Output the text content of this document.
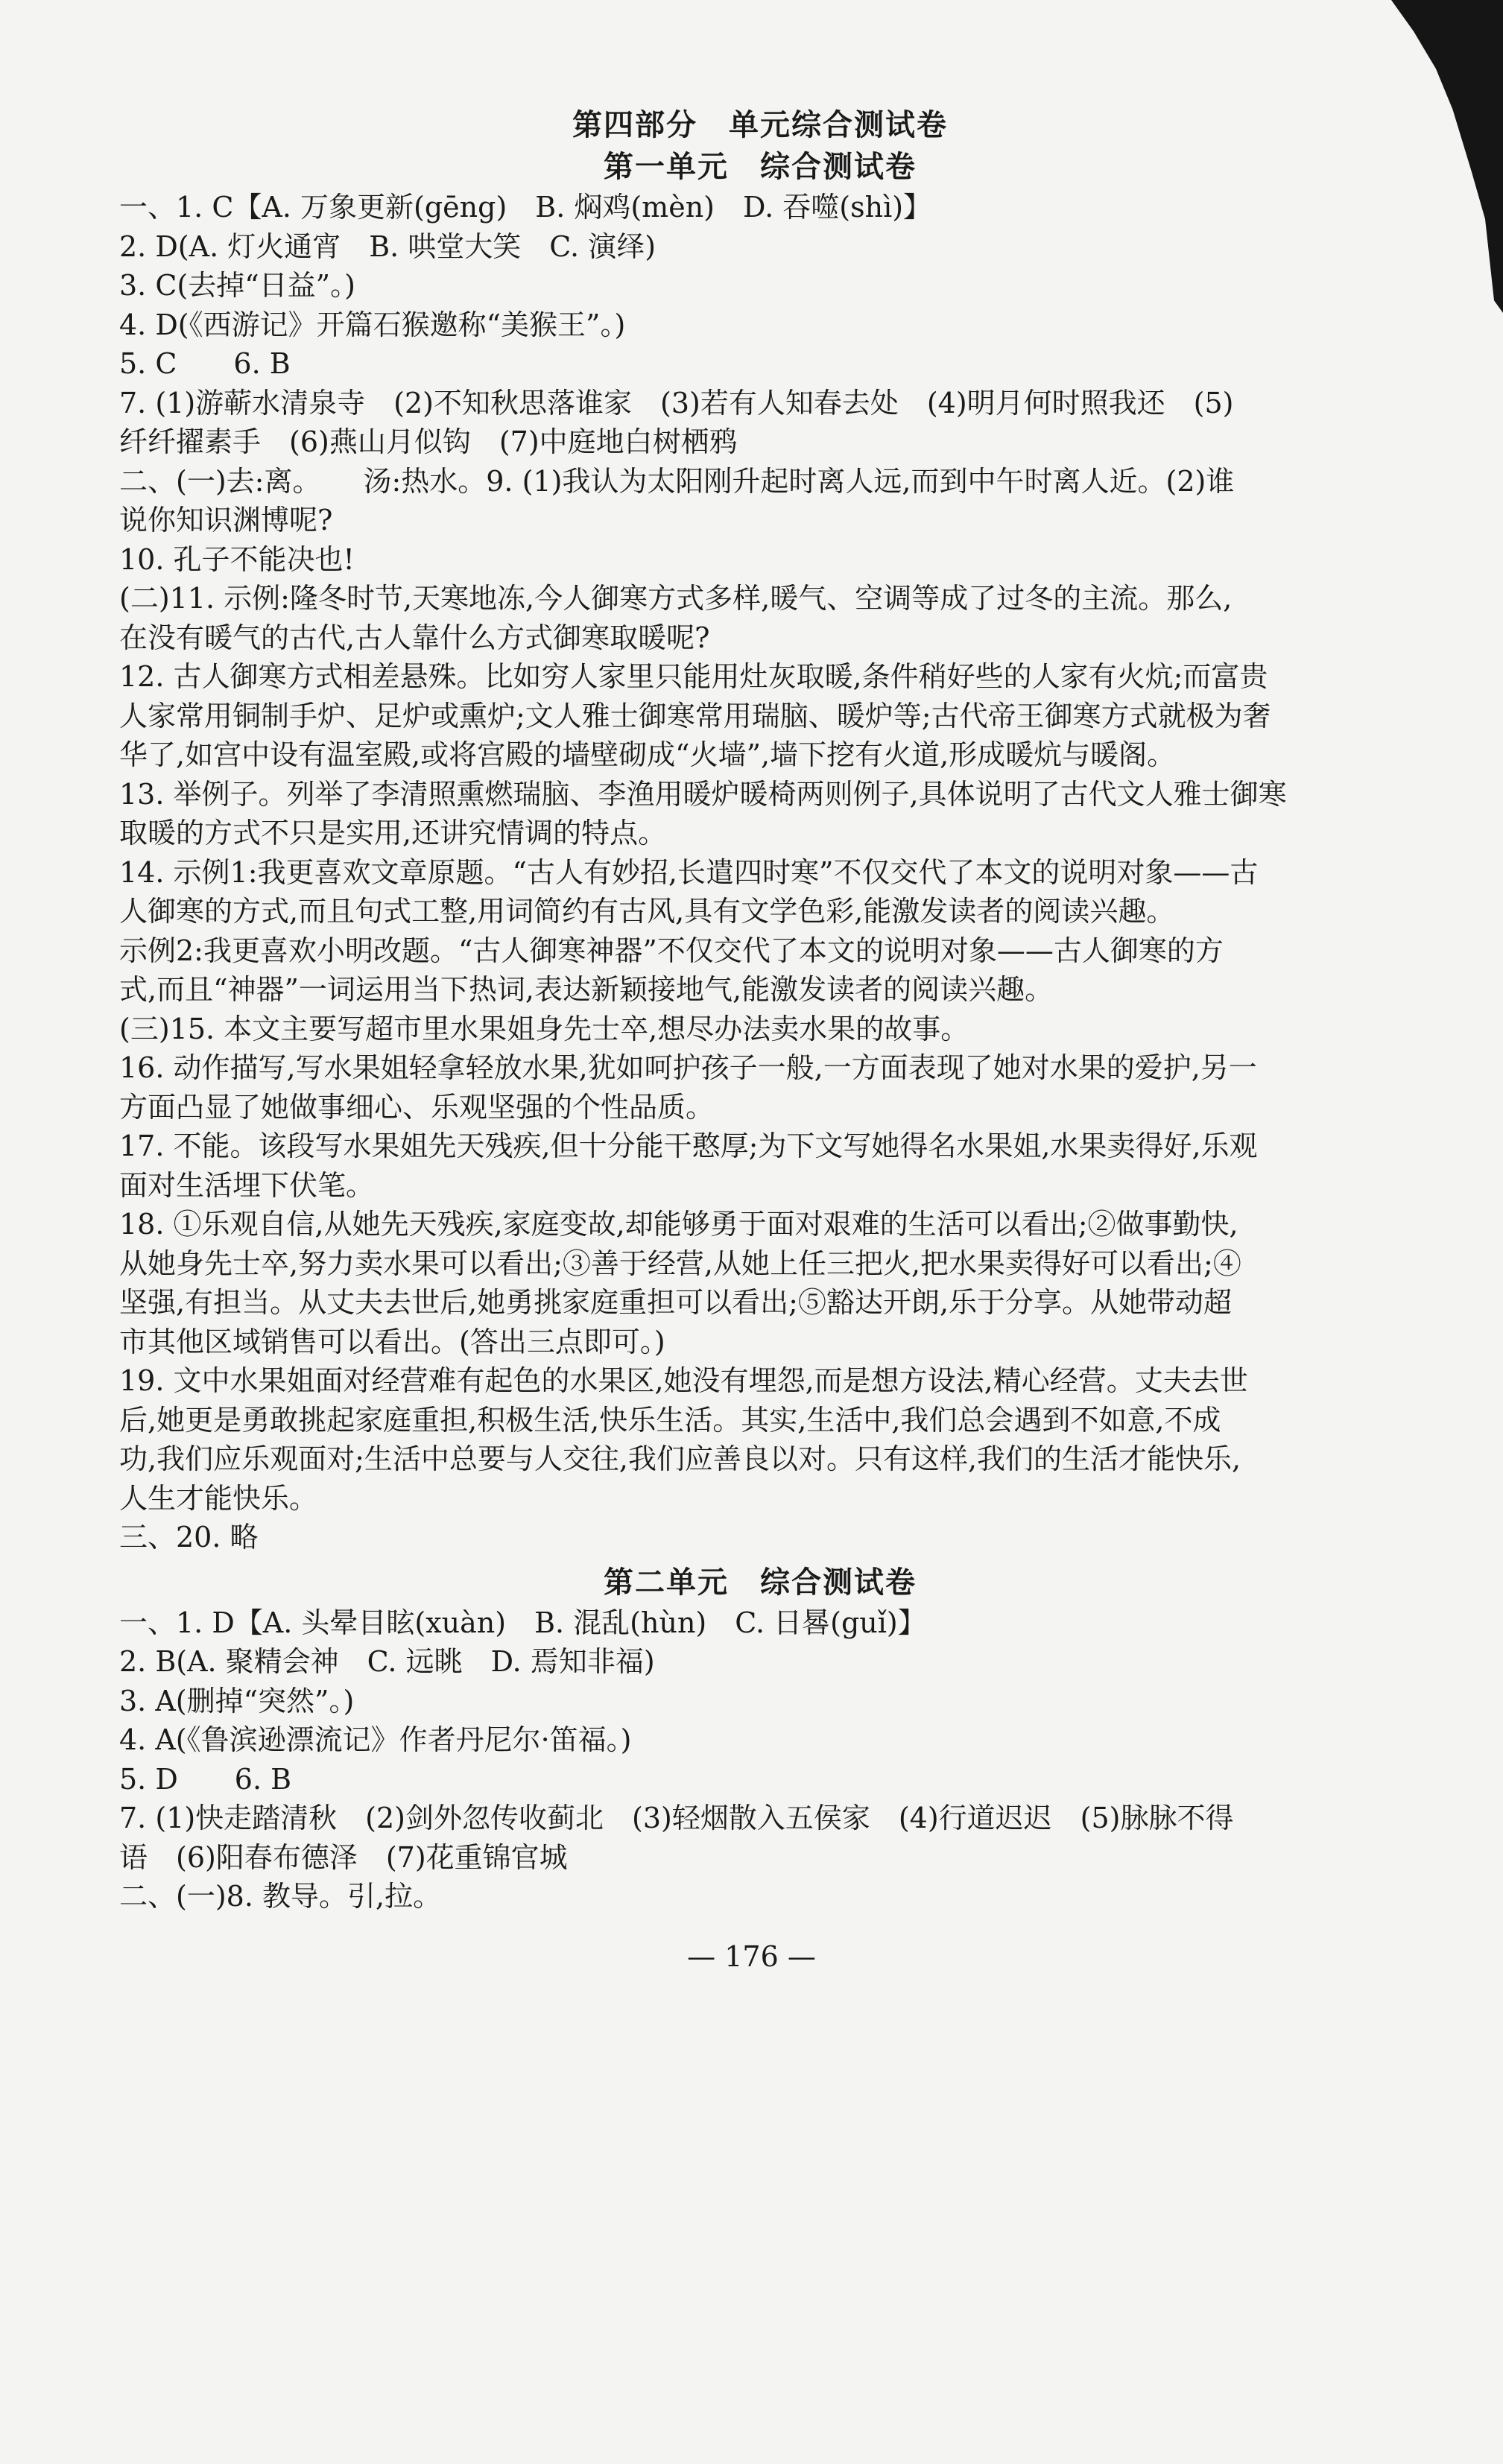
第四部分　单元综合测试卷

第一单元　综合测试卷

一、1. C【A. 万象更新(gēng)　B. 焖鸡(mèn)　D. 吞噬(shì)】

2. D(A. 灯火通宵　B. 哄堂大笑　C. 演绎)

3. C(去掉“日益”。)

4. D(《西游记》开篇石猴邀称“美猴王”。)

5. C　　6. B

7. (1)游蕲水清泉寺　(2)不知秋思落谁家　(3)若有人知春去处　(4)明月何时照我还　(5)

纤纤擢素手　(6)燕山月似钩　(7)中庭地白树栖鸦

二、(一)去:离。　　汤:热水。9. (1)我认为太阳刚升起时离人远,而到中午时离人近。(2)谁

说你知识渊博呢?

10. 孔子不能决也!

(二)11. 示例:隆冬时节,天寒地冻,今人御寒方式多样,暖气、空调等成了过冬的主流。那么,

在没有暖气的古代,古人靠什么方式御寒取暖呢?

12. 古人御寒方式相差悬殊。比如穷人家里只能用灶灰取暖,条件稍好些的人家有火炕;而富贵

人家常用铜制手炉、足炉或熏炉;文人雅士御寒常用瑞脑、暖炉等;古代帝王御寒方式就极为奢

华了,如宫中设有温室殿,或将宫殿的墙壁砌成“火墙”,墙下挖有火道,形成暖炕与暖阁。

13. 举例子。列举了李清照熏燃瑞脑、李渔用暖炉暖椅两则例子,具体说明了古代文人雅士御寒

取暖的方式不只是实用,还讲究情调的特点。

14. 示例1:我更喜欢文章原题。“古人有妙招,长遣四时寒”不仅交代了本文的说明对象——古

人御寒的方式,而且句式工整,用词简约有古风,具有文学色彩,能激发读者的阅读兴趣。

示例2:我更喜欢小明改题。“古人御寒神器”不仅交代了本文的说明对象——古人御寒的方

式,而且“神器”一词运用当下热词,表达新颖接地气,能激发读者的阅读兴趣。

(三)15. 本文主要写超市里水果姐身先士卒,想尽办法卖水果的故事。

16. 动作描写,写水果姐轻拿轻放水果,犹如呵护孩子一般,一方面表现了她对水果的爱护,另一

方面凸显了她做事细心、乐观坚强的个性品质。

17. 不能。该段写水果姐先天残疾,但十分能干憨厚;为下文写她得名水果姐,水果卖得好,乐观

面对生活埋下伏笔。

18. ①乐观自信,从她先天残疾,家庭变故,却能够勇于面对艰难的生活可以看出;②做事勤快,

从她身先士卒,努力卖水果可以看出;③善于经营,从她上任三把火,把水果卖得好可以看出;④

坚强,有担当。从丈夫去世后,她勇挑家庭重担可以看出;⑤豁达开朗,乐于分享。从她带动超

市其他区域销售可以看出。(答出三点即可。)

19. 文中水果姐面对经营难有起色的水果区,她没有埋怨,而是想方设法,精心经营。丈夫去世

后,她更是勇敢挑起家庭重担,积极生活,快乐生活。其实,生活中,我们总会遇到不如意,不成

功,我们应乐观面对;生活中总要与人交往,我们应善良以对。只有这样,我们的生活才能快乐,

人生才能快乐。

三、20. 略

第二单元　综合测试卷

一、1. D【A. 头晕目眩(xuàn)　B. 混乱(hùn)　C. 日晷(guǐ)】

2. B(A. 聚精会神　C. 远眺　D. 焉知非福)

3. A(删掉“突然”。)

4. A(《鲁滨逊漂流记》作者丹尼尔·笛福。)

5. D　　6. B

7. (1)快走踏清秋　(2)剑外忽传收蓟北　(3)轻烟散入五侯家　(4)行道迟迟　(5)脉脉不得

语　(6)阳春布德泽　(7)花重锦官城

二、(一)8. 教导。引,拉。

— 176 —
